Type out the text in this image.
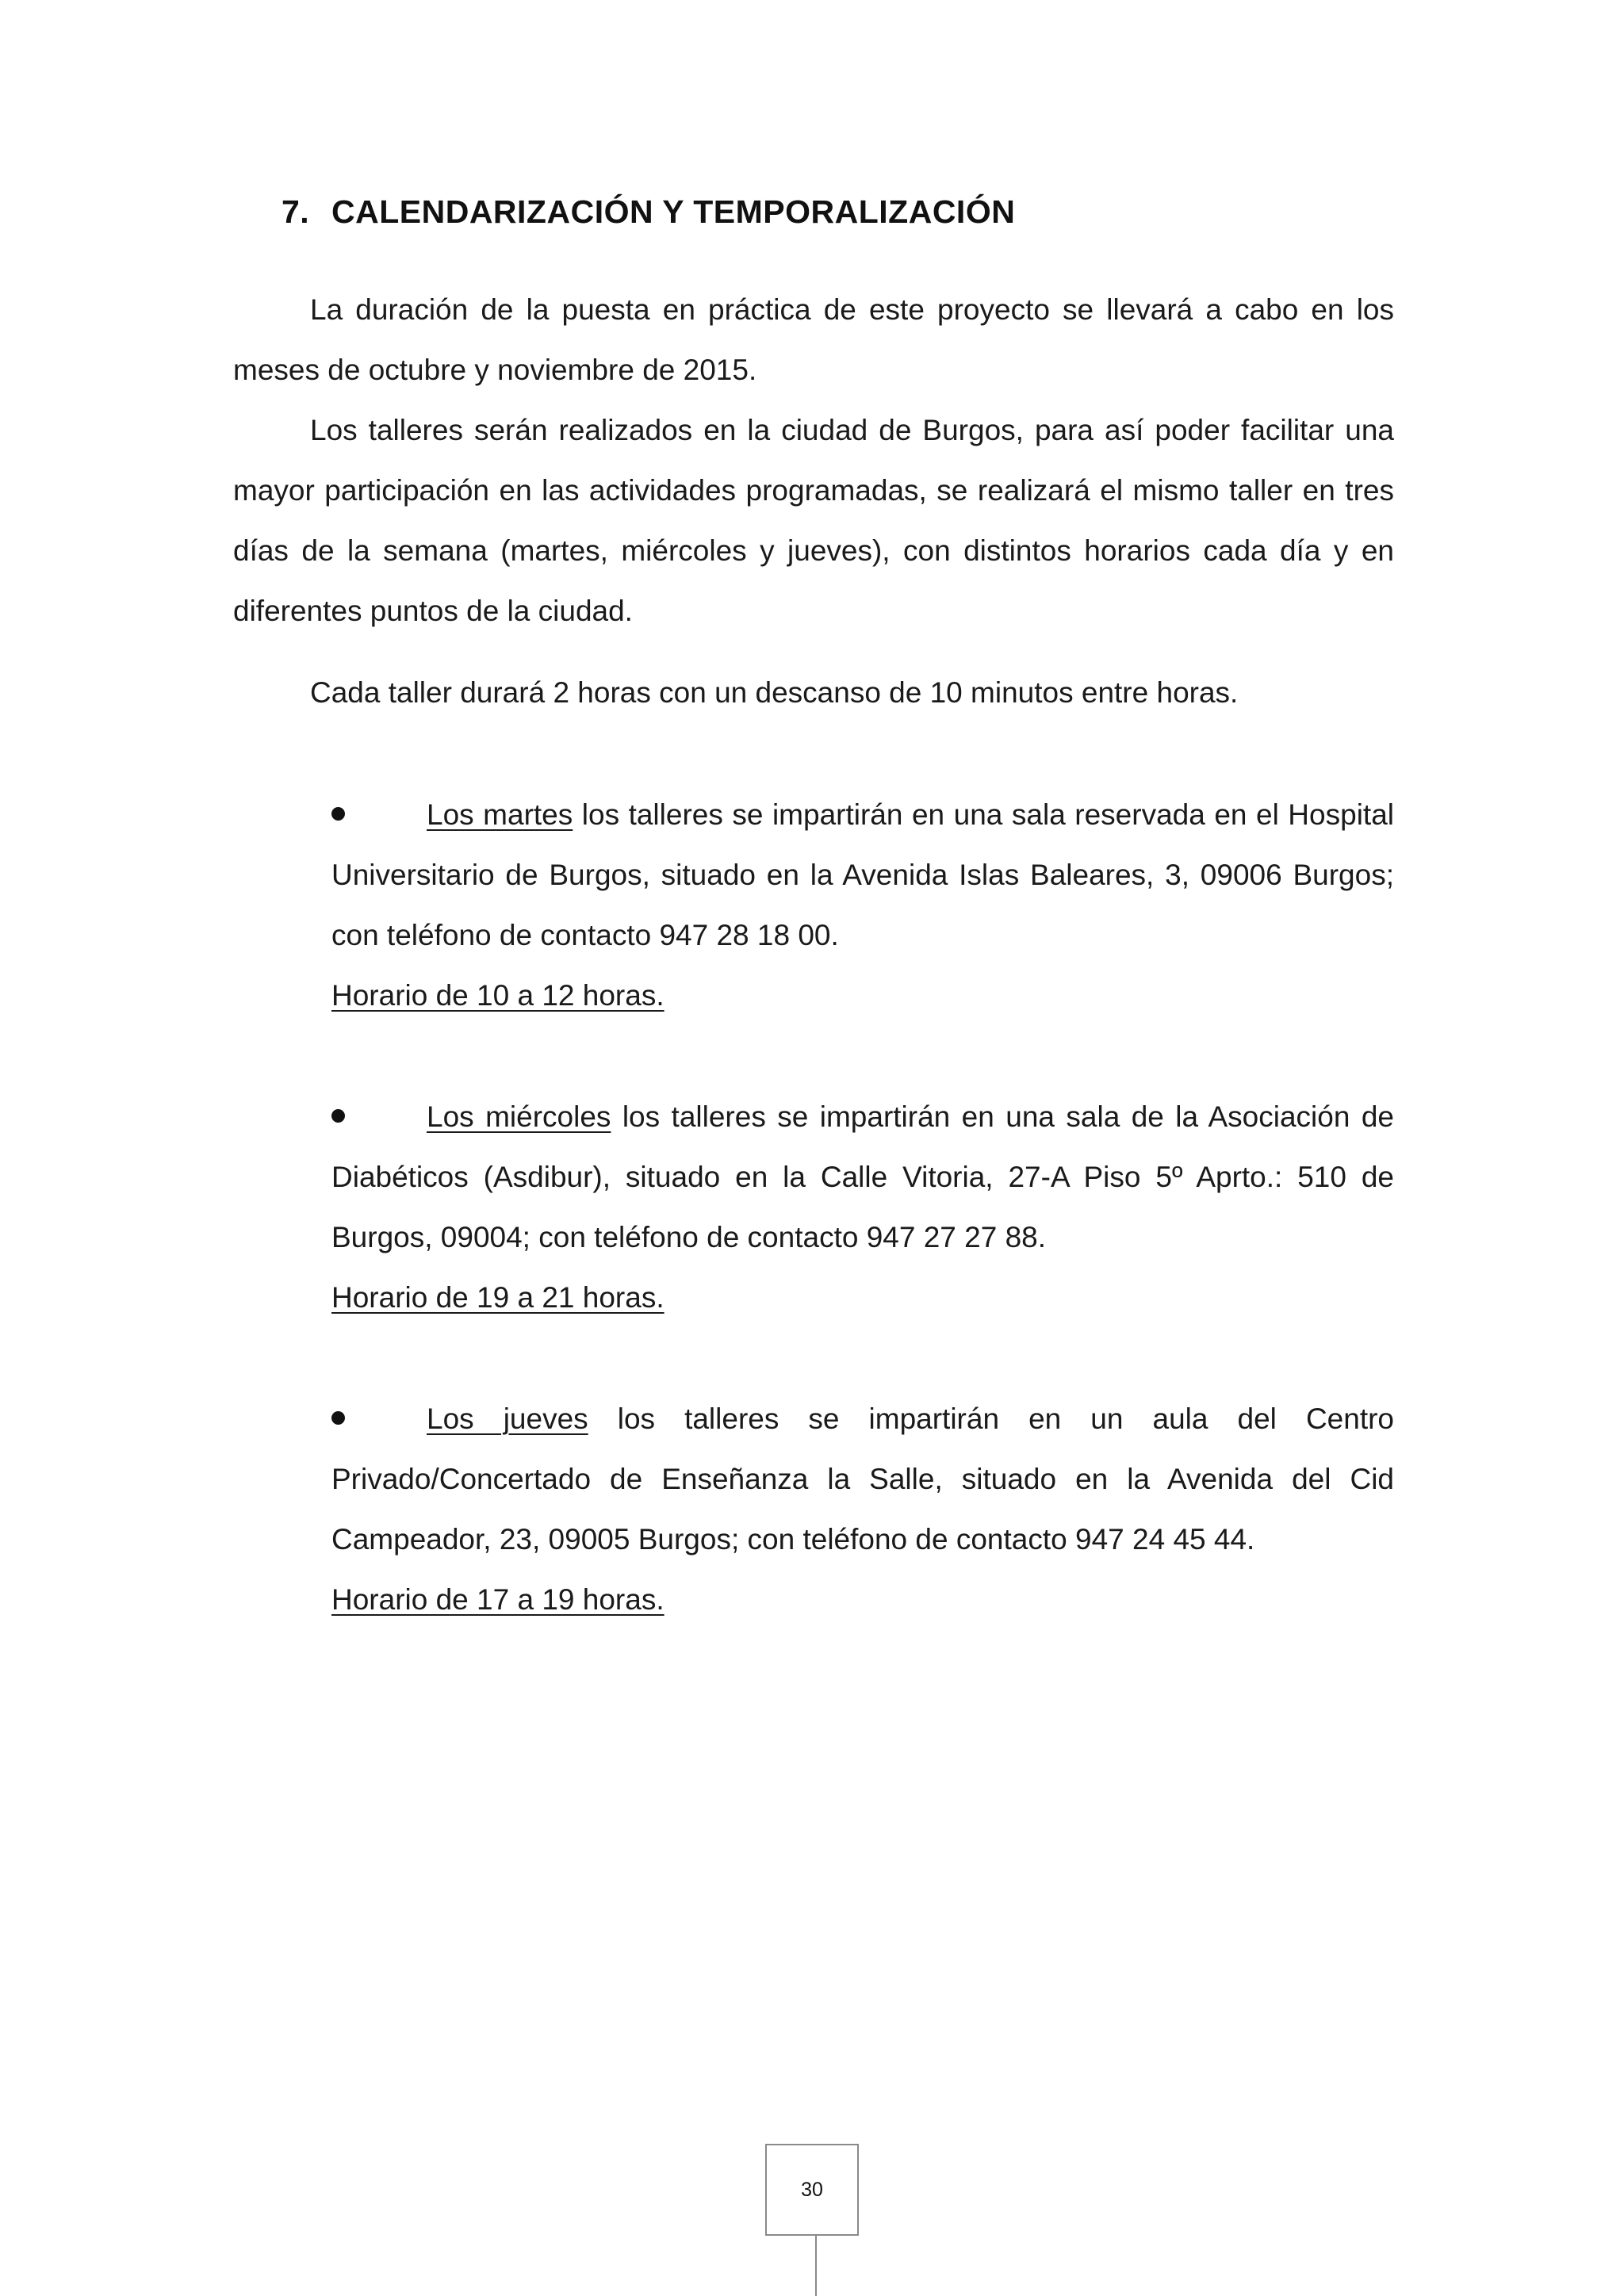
7. CALENDARIZACIÓN Y TEMPORALIZACIÓN

La duración de la puesta en práctica de este proyecto se llevará a cabo en los meses de octubre y noviembre de 2015.

Los talleres serán realizados en la ciudad de Burgos, para así poder facilitar una mayor participación en las actividades programadas, se realizará el mismo taller en tres días de la semana (martes, miércoles y jueves), con distintos horarios cada día y en diferentes puntos de la ciudad.

Cada taller durará 2 horas con un descanso de 10 minutos entre horas.

Los martes los talleres se impartirán en una sala reservada en el Hospital Universitario de Burgos, situado en la Avenida Islas Baleares, 3, 09006 Burgos; con teléfono de contacto 947 28 18 00.

Horario de 10 a 12 horas.

Los miércoles los talleres se impartirán en una sala de la Asociación de Diabéticos (Asdibur), situado en la Calle Vitoria, 27-A Piso 5º Aprto.: 510 de Burgos, 09004; con teléfono de contacto 947 27 27 88.

Horario de 19 a 21 horas.

Los jueves los talleres se impartirán en un aula del Centro Privado/Concertado de Enseñanza la Salle, situado en la Avenida del Cid Campeador, 23, 09005 Burgos; con teléfono de contacto 947 24 45 44.

Horario de 17 a 19 horas.

30
